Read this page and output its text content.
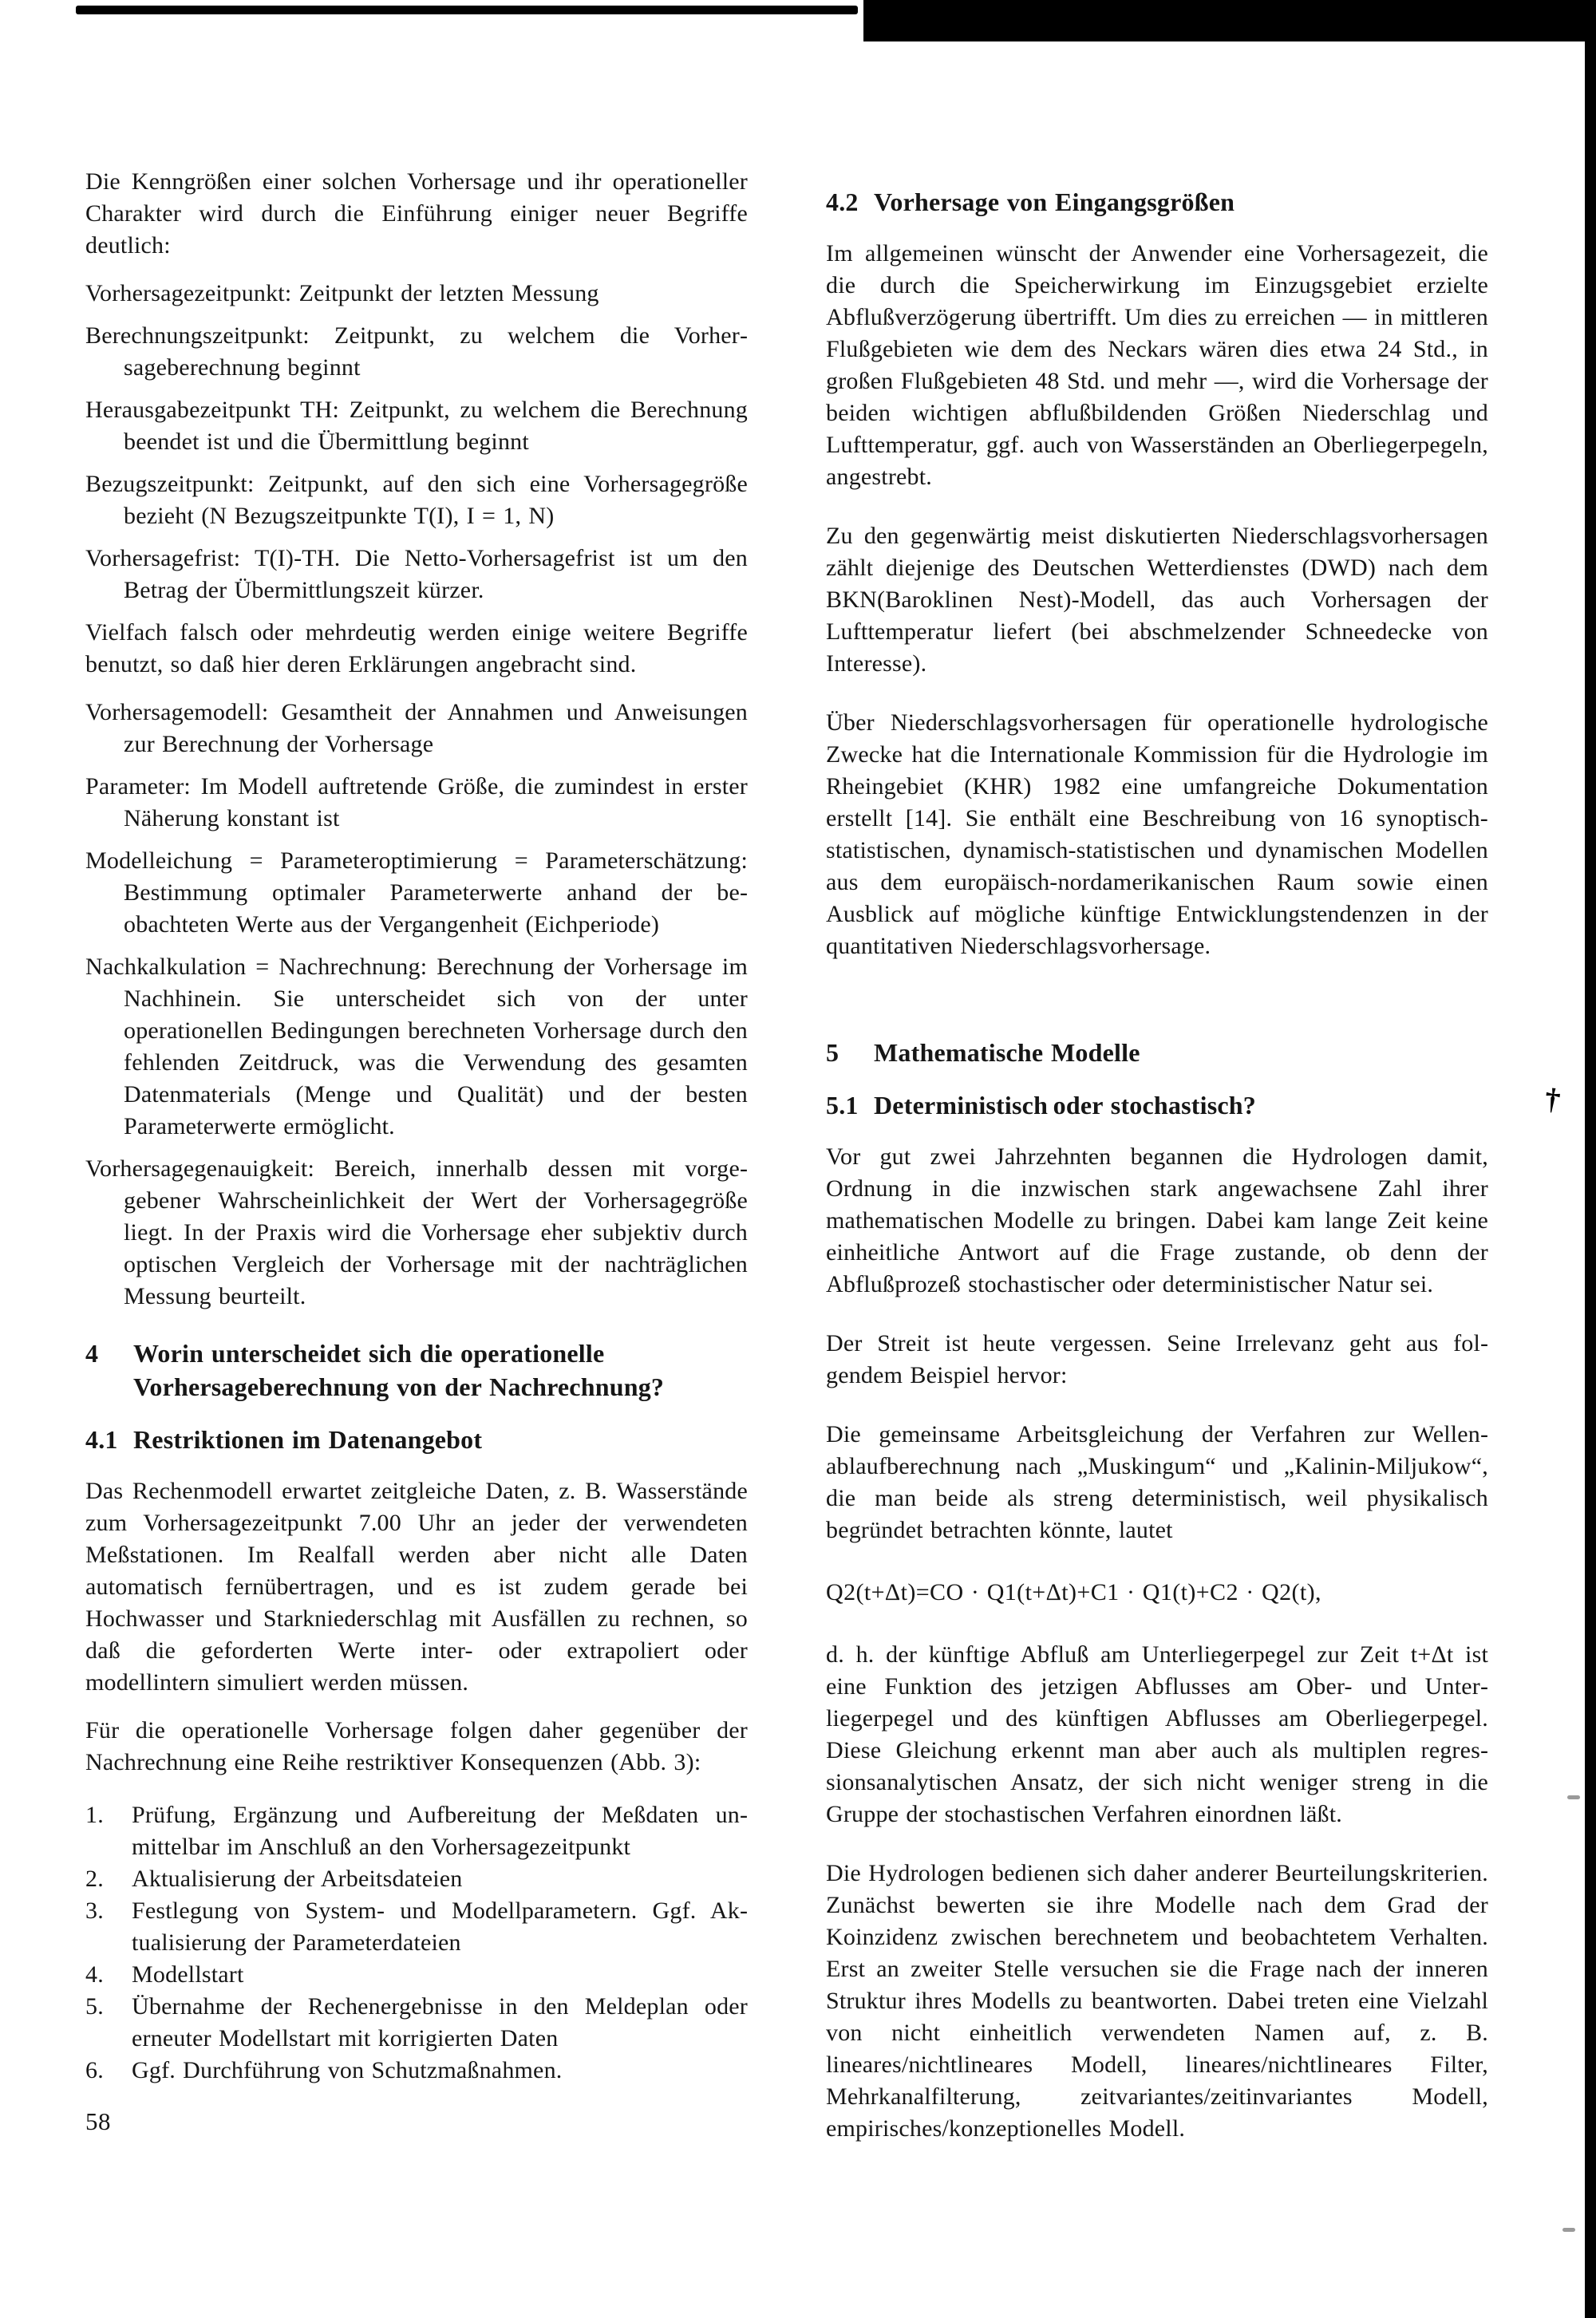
†

Die Kenngrößen einer solchen Vorhersage und ihr operationeller Charakter wird durch die Einführung einiger neuer Begriffe deutlich:

Vorhersagezeitpunkt: Zeitpunkt der letzten Messung

Berechnungszeitpunkt: Zeitpunkt, zu welchem die Vorhersageberechnung beginnt

Herausgabezeitpunkt TH: Zeitpunkt, zu welchem die Berechnung beendet ist und die Übermittlung beginnt

Bezugszeitpunkt: Zeitpunkt, auf den sich eine Vorhersagegröße bezieht (N Bezugszeitpunkte T(I), I = 1, N)

Vorhersagefrist: T(I)-TH. Die Netto-Vorhersagefrist ist um den Betrag der Übermittlungszeit kürzer.

Vielfach falsch oder mehrdeutig werden einige weitere Begriffe benutzt, so daß hier deren Erklärungen angebracht sind.

Vorhersagemodell: Gesamtheit der Annahmen und Anweisungen zur Berechnung der Vorhersage

Parameter: Im Modell auftretende Größe, die zumindest in erster Näherung konstant ist

Modelleichung = Parameteroptimierung = Parameterschätzung: Bestimmung optimaler Parameterwerte anhand der beobachteten Werte aus der Vergangenheit (Eichperiode)

Nachkalkulation = Nachrechnung: Berechnung der Vorhersage im Nachhinein. Sie unterscheidet sich von der unter operationellen Bedingungen berechneten Vorhersage durch den fehlenden Zeitdruck, was die Verwendung des gesamten Datenmaterials (Menge und Qualität) und der besten Parameterwerte ermöglicht.

Vorhersagegenauigkeit: Bereich, innerhalb dessen mit vorgegebener Wahrscheinlichkeit der Wert der Vorhersagegröße liegt. In der Praxis wird die Vorhersage eher subjektiv durch optischen Vergleich der Vorhersage mit der nachträglichen Messung beurteilt.

4 Worin unterscheidet sich die operationelle Vorhersageberechnung von der Nachrechnung?
4.1 Restriktionen im Datenangebot

Das Rechenmodell erwartet zeitgleiche Daten, z. B. Wasserstände zum Vorhersagezeitpunkt 7.00 Uhr an jeder der verwendeten Meßstationen. Im Realfall werden aber nicht alle Daten automatisch fernübertragen, und es ist zudem gerade bei Hochwasser und Starkniederschlag mit Ausfällen zu rechnen, so daß die geforderten Werte inter- oder extrapoliert oder modellintern simuliert werden müssen.

Für die operationelle Vorhersage folgen daher gegenüber der Nachrechnung eine Reihe restriktiver Konsequenzen (Abb. 3):

1. Prüfung, Ergänzung und Aufbereitung der Meßdaten unmittelbar im Anschluß an den Vorhersagezeitpunkt

2. Aktualisierung der Arbeitsdateien

3. Festlegung von System- und Modellparametern. Ggf. Aktualisierung der Parameterdateien

4. Modellstart

5. Übernahme der Rechenergebnisse in den Meldeplan oder erneuter Modellstart mit korrigierten Daten

6. Ggf. Durchführung von Schutzmaßnahmen.

58
4.2 Vorhersage von Eingangsgrößen

Im allgemeinen wünscht der Anwender eine Vorhersagezeit, die die durch die Speicherwirkung im Einzugsgebiet erzielte Abflußverzögerung übertrifft. Um dies zu erreichen — in mittleren Flußgebieten wie dem des Neckars wären dies etwa 24 Std., in großen Flußgebieten 48 Std. und mehr —, wird die Vorhersage der beiden wichtigen abflußbildenden Größen Niederschlag und Lufttemperatur, ggf. auch von Wasserständen an Oberliegerpegeln, angestrebt.

Zu den gegenwärtig meist diskutierten Niederschlagsvorhersagen zählt diejenige des Deutschen Wetterdienstes (DWD) nach dem BKN(Baroklinen Nest)-Modell, das auch Vorhersagen der Lufttemperatur liefert (bei abschmelzender Schneedecke von Interesse).

Über Niederschlagsvorhersagen für operationelle hydrologische Zwecke hat die Internationale Kommission für die Hydrologie im Rheingebiet (KHR) 1982 eine umfangreiche Dokumentation erstellt [14]. Sie enthält eine Beschreibung von 16 synoptisch-statistischen, dynamisch-statistischen und dynamischen Modellen aus dem europäisch-nordamerikanischen Raum sowie einen Ausblick auf mögliche künftige Entwicklungstendenzen in der quantitativen Niederschlagsvorhersage.

5 Mathematische Modelle
5.1 Deterministisch oder stochastisch?

Vor gut zwei Jahrzehnten begannen die Hydrologen damit, Ordnung in die inzwischen stark angewachsene Zahl ihrer mathematischen Modelle zu bringen. Dabei kam lange Zeit keine einheitliche Antwort auf die Frage zustande, ob denn der Abflußprozeß stochastischer oder deterministischer Natur sei.

Der Streit ist heute vergessen. Seine Irrelevanz geht aus folgendem Beispiel hervor:

Die gemeinsame Arbeitsgleichung der Verfahren zur Wellenablaufberechnung nach „Muskingum“ und „Kalinin-Miljukow“, die man beide als streng deterministisch, weil physikalisch begründet betrachten könnte, lautet

Q2(t+Δt)=CO · Q1(t+Δt)+C1 · Q1(t)+C2 · Q2(t),

d. h. der künftige Abfluß am Unterliegerpegel zur Zeit t+Δt ist eine Funktion des jetzigen Abflusses am Ober- und Unterliegerpegel und des künftigen Abflusses am Oberliegerpegel. Diese Gleichung erkennt man aber auch als multiplen regressionsanalytischen Ansatz, der sich nicht weniger streng in die Gruppe der stochastischen Verfahren einordnen läßt.

Die Hydrologen bedienen sich daher anderer Beurteilungskriterien. Zunächst bewerten sie ihre Modelle nach dem Grad der Koinzidenz zwischen berechnetem und beobachtetem Verhalten. Erst an zweiter Stelle versuchen sie die Frage nach der inneren Struktur ihres Modells zu beantworten. Dabei treten eine Vielzahl von nicht einheitlich verwendeten Namen auf, z. B. lineares/nichtlineares Modell, lineares/nichtlineares Filter, Mehrkanalfilterung, zeitvariantes/zeitinvariantes Modell, empirisches/konzeptionelles Modell.
